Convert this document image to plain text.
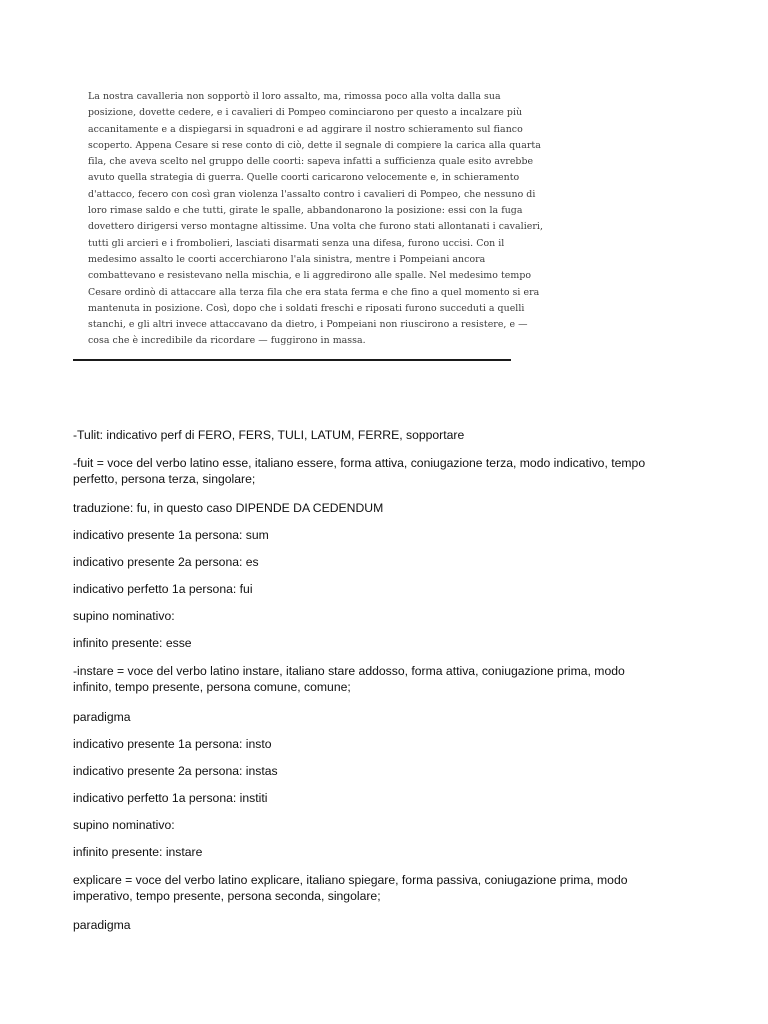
La nostra cavalleria non sopportò il loro assalto, ma, rimossa poco alla volta dalla sua
posizione, dovette cedere, e i cavalieri di Pompeo cominciarono per questo a incalzare più
accanitamente e a dispiegarsi in squadroni e ad aggirare il nostro schieramento sul fianco
scoperto. Appena Cesare si rese conto di ciò, dette il segnale di compiere la carica alla quarta
fila, che aveva scelto nel gruppo delle coorti: sapeva infatti a sufficienza quale esito avrebbe
avuto quella strategia di guerra. Quelle coorti caricarono velocemente e, in schieramento
d'attacco, fecero con così gran violenza l'assalto contro i cavalieri di Pompeo, che nessuno di
loro rimase saldo e che tutti, girate le spalle, abbandonarono la posizione: essi con la fuga
dovettero dirigersi verso montagne altissime. Una volta che furono stati allontanati i cavalieri,
tutti gli arcieri e i frombolieri, lasciati disarmati senza una difesa, furono uccisi. Con il
medesimo assalto le coorti accerchiarono l'ala sinistra, mentre i Pompeiani ancora
combattevano e resistevano nella mischia, e li aggredirono alle spalle. Nel medesimo tempo
Cesare ordinò di attaccare alla terza fila che era stata ferma e che fino a quel momento si era
mantenuta in posizione. Così, dopo che i soldati freschi e riposati furono succeduti a quelli
stanchi, e gli altri invece attaccavano da dietro, i Pompeiani non riuscirono a resistere, e —
cosa che è incredibile da ricordare — fuggirono in massa.
-Tulit: indicativo perf di FERO, FERS, TULI, LATUM, FERRE, sopportare
-fuit = voce del verbo latino esse, italiano essere, forma attiva, coniugazione terza, modo indicativo, tempo
perfetto, persona terza, singolare;
traduzione: fu, in questo caso DIPENDE DA CEDENDUM
indicativo presente 1a persona: sum
indicativo presente 2a persona: es
indicativo perfetto 1a persona: fui
supino nominativo:
infinito presente: esse
-instare = voce del verbo latino instare, italiano stare addosso, forma attiva, coniugazione prima, modo
infinito, tempo presente, persona comune, comune;
paradigma
indicativo presente 1a persona: insto
indicativo presente 2a persona: instas
indicativo perfetto 1a persona: institi
supino nominativo:
infinito presente: instare
explicare = voce del verbo latino explicare, italiano spiegare, forma passiva, coniugazione prima, modo
imperativo, tempo presente, persona seconda, singolare;
paradigma
